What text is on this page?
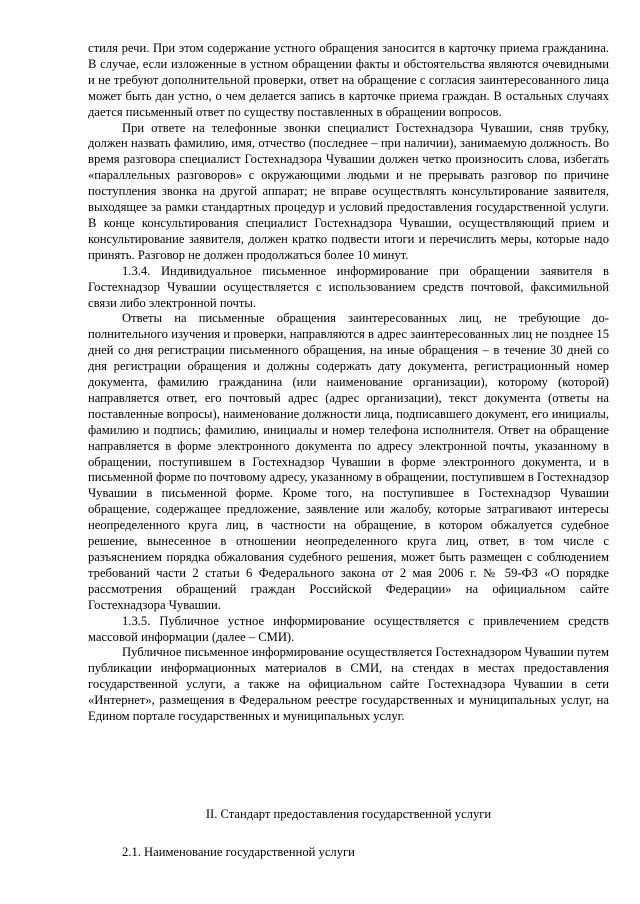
стиля речи. При этом содержание устного обращения заносится в карточку приема гражданина. В случае, если изложенные в устном обращении факты и обстоятельства являются очевидными и не требуют дополнительной проверки, ответ на обращение с согласия заинтересованного лица может быть дан устно, о чем делается запись в карточке приема граждан. В остальных случаях дается письменный ответ по существу поставленных в обращении вопросов.

При ответе на телефонные звонки специалист Гостехнадзора Чувашии, сняв трубку, должен назвать фамилию, имя, отчество (последнее – при наличии), занимаемую должность. Во время разговора специалист Гостехнадзора Чувашии должен четко произносить слова, избегать «параллельных разговоров» с окружающими людьми и не прерывать разговор по причине поступления звонка на другой аппарат; не вправе осуществлять консультирование заявителя, выходящее за рамки стандартных процедур и условий предоставления государственной услуги. В конце консультирования специалист Гостехнадзора Чувашии, осуществляющий прием и консультирование заявителя, должен кратко подвести итоги и перечислить меры, которые надо принять. Разговор не должен продолжаться более 10 минут.

1.3.4. Индивидуальное письменное информирование при обращении заявителя в Гостехнадзор Чувашии осуществляется с использованием средств почтовой, факсимильной связи либо электронной почты.

Ответы на письменные обращения заинтересованных лиц, не требующие дополнительного изучения и проверки, направляются в адрес заинтересованных лиц не позднее 15 дней со дня регистрации письменного обращения, на иные обращения – в течение 30 дней со дня регистрации обращения и должны содержать дату документа, регистрационный номер документа, фамилию гражданина (или наименование организации), которому (которой) направляется ответ, его почтовый адрес (адрес организации), текст документа (ответы на поставленные вопросы), наименование должности лица, подписавшего документ, его инициалы, фамилию и подпись; фамилию, инициалы и номер телефона исполнителя. Ответ на обращение направляется в форме электронного документа по адресу электронной почты, указанному в обращении, поступившем в Гостехнадзор Чувашии в форме электронного документа, и в письменной форме по почтовому адресу, указанному в обращении, поступившем в Гостехнадзор Чувашии в письменной форме. Кроме того, на поступившее в Гостехнадзор Чувашии обращение, содержащее предложение, заявление или жалобу, которые затрагивают интересы неопределенного круга лиц, в частности на обращение, в котором обжалуется судебное решение, вынесенное в отношении неопределенного круга лиц, ответ, в том числе с разъяснением порядка обжалования судебного решения, может быть размещен с соблюдением требований части 2 статьи 6 Федерального закона от 2 мая 2006 г. № 59-ФЗ «О порядке рассмотрения обращений граждан Российской Федерации» на официальном сайте Гостехнадзора Чувашии.

1.3.5. Публичное устное информирование осуществляется с привлечением средств массовой информации (далее – СМИ).

Публичное письменное информирование осуществляется Гостехнадзором Чувашии путем публикации информационных материалов в СМИ, на стендах в местах предоставления государственной услуги, а также на официальном сайте Гостехнадзора Чувашии в сети «Интернет», размещения в Федеральном реестре государственных и муниципальных услуг, на Едином портале государственных и муниципальных услуг.

II. Стандарт предоставления государственной услуги
2.1. Наименование государственной услуги
